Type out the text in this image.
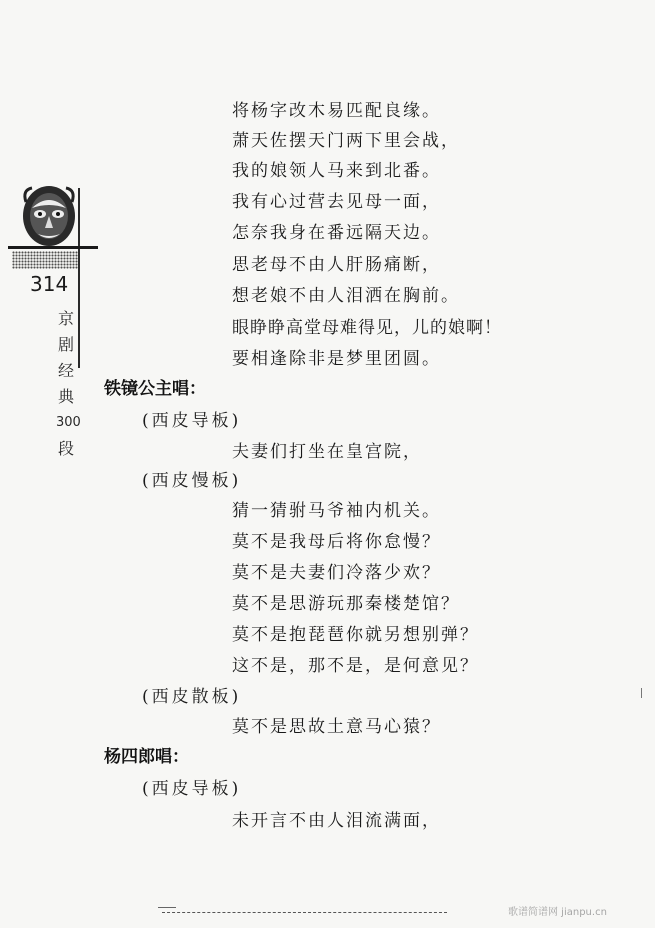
314
京
剧
经
典
300
段
将杨字改木易匹配良缘。
萧天佐摆天门两下里会战，
我的娘领人马来到北番。
我有心过营去见母一面，
怎奈我身在番远隔天边。
思老母不由人肝肠痛断，
想老娘不由人泪洒在胸前。
眼睁睁高堂母难得见，儿的娘啊！
要相逢除非是梦里团圆。
铁镜公主唱：
(西皮导板)
夫妻们打坐在皇宫院，
(西皮慢板)
猜一猜驸马爷袖内机关。
莫不是我母后将你怠慢？
莫不是夫妻们冷落少欢？
莫不是思游玩那秦楼楚馆？
莫不是抱琵琶你就另想别弹？
这不是，那不是，是何意见？
(西皮散板)
莫不是思故土意马心猿？
杨四郎唱：
(西皮导板)
未开言不由人泪流满面，
歌谱简谱网 jianpu.cn
